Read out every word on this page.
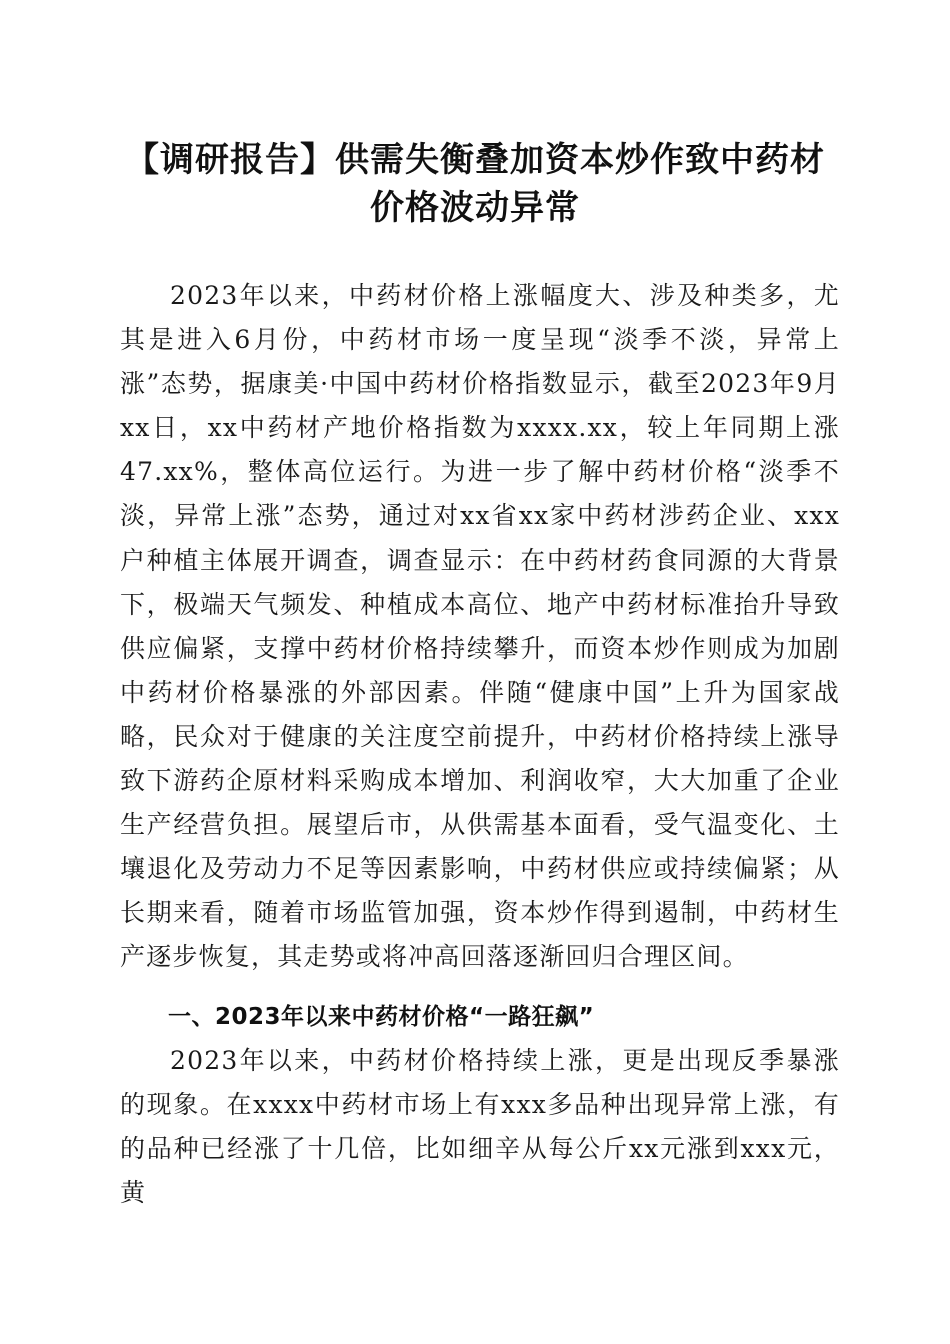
【调研报告】供需失衡叠加资本炒作致中药材
价格波动异常

2023年以来，中药材价格上涨幅度大、涉及种类多，尤其是进入6月份，中药材市场一度呈现“淡季不淡，异常上涨”态势，据康美·中国中药材价格指数显示，截至2023年9月xx日，xx中药材产地价格指数为xxxx.xx，较上年同期上涨47.xx%，整体高位运行。为进一步了解中药材价格“淡季不淡，异常上涨”态势，通过对xx省xx家中药材涉药企业、xxx户种植主体展开调查，调查显示：在中药材药食同源的大背景下，极端天气频发、种植成本高位、地产中药材标准抬升导致供应偏紧，支撑中药材价格持续攀升，而资本炒作则成为加剧中药材价格暴涨的外部因素。伴随“健康中国”上升为国家战略，民众对于健康的关注度空前提升，中药材价格持续上涨导致下游药企原材料采购成本增加、利润收窄，大大加重了企业生产经营负担。展望后市，从供需基本面看，受气温变化、土壤退化及劳动力不足等因素影响，中药材供应或持续偏紧；从长期来看，随着市场监管加强，资本炒作得到遏制，中药材生产逐步恢复，其走势或将冲高回落逐渐回归合理区间。

一、2023年以来中药材价格“一路狂飙”

2023年以来，中药材价格持续上涨，更是出现反季暴涨的现象。在xxxx中药材市场上有xxx多品种出现异常上涨，有的品种已经涨了十几倍，比如细辛从每公斤xx元涨到xxx元，黄
